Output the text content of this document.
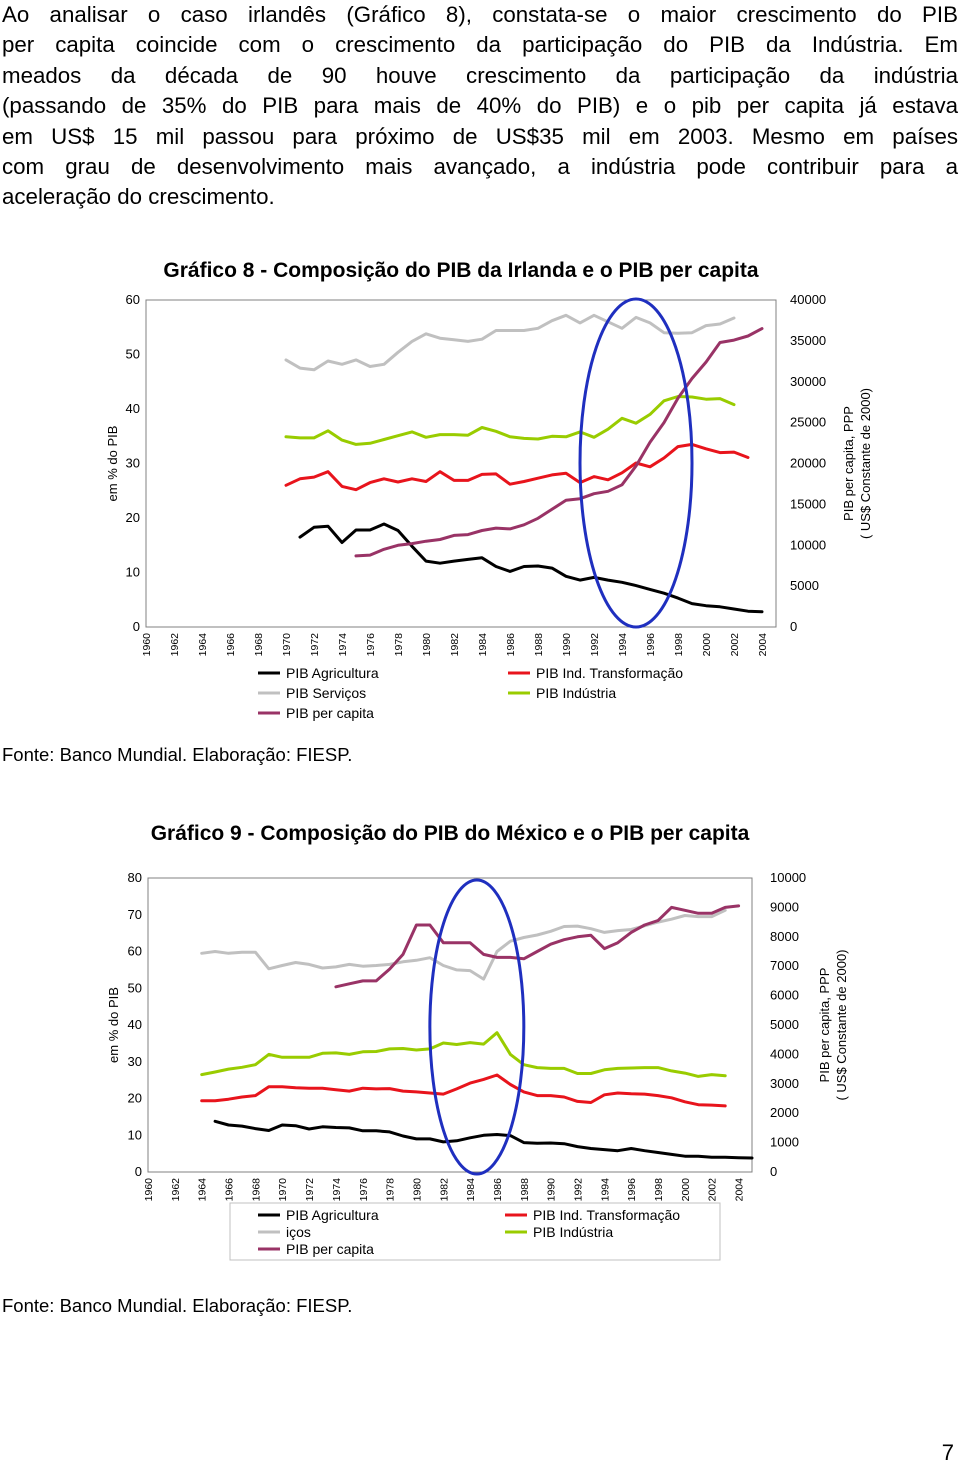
Ao analisar o caso irlandês (Gráfico 8), constata-se o maior crescimento do PIB
per capita coincide com o crescimento da participação do PIB da Indústria. Em
meados da década de 90 houve crescimento da participação da indústria
(passando de 35% do PIB para mais de 40% do PIB) e o pib per capita já estava
em US$ 15 mil passou para próximo de US$35 mil em 2003. Mesmo em países
com grau de desenvolvimento mais avançado, a indústria pode contribuir para a
aceleração do crescimento.
Gráfico 8 - Composição do PIB da Irlanda e o PIB per capita
0
10
20
30
40
50
60
0
5000
10000
15000
20000
25000
30000
35000
40000
1960 1962 1964 1966 1968 1970 1972 1974 1976 1978 1980 1982 1984 1986 1988 1990 1992 1994 1996 1998 2000 2002 2004
em % do PIB	PIB per capita, PPP ( US$ Constante de 2000)
PIB Agricultura	PIB Ind. Transformação
PIB Serviços	PIB Indústria
PIB per capita
Fonte: Banco Mundial. Elaboração: FIESP.
Gráfico 9 - Composição do PIB do México e o PIB per capita
0
10
20
30
40
50
60
70
80
0
1000
2000
3000
4000
5000
6000
7000
8000
9000
10000
1960 1962 1964 1966 1968 1970 1972 1974 1976 1978 1980 1982 1984 1986 1988 1990 1992 1994 1996 1998 2000 2002 2004
em % do PIB	PIB per capita, PPP ( US$ Constante de 2000)
PIB Agricultura	PIB Ind. Transformação
iços	PIB Indústria
PIB per capita
Fonte: Banco Mundial. Elaboração: FIESP.
7
